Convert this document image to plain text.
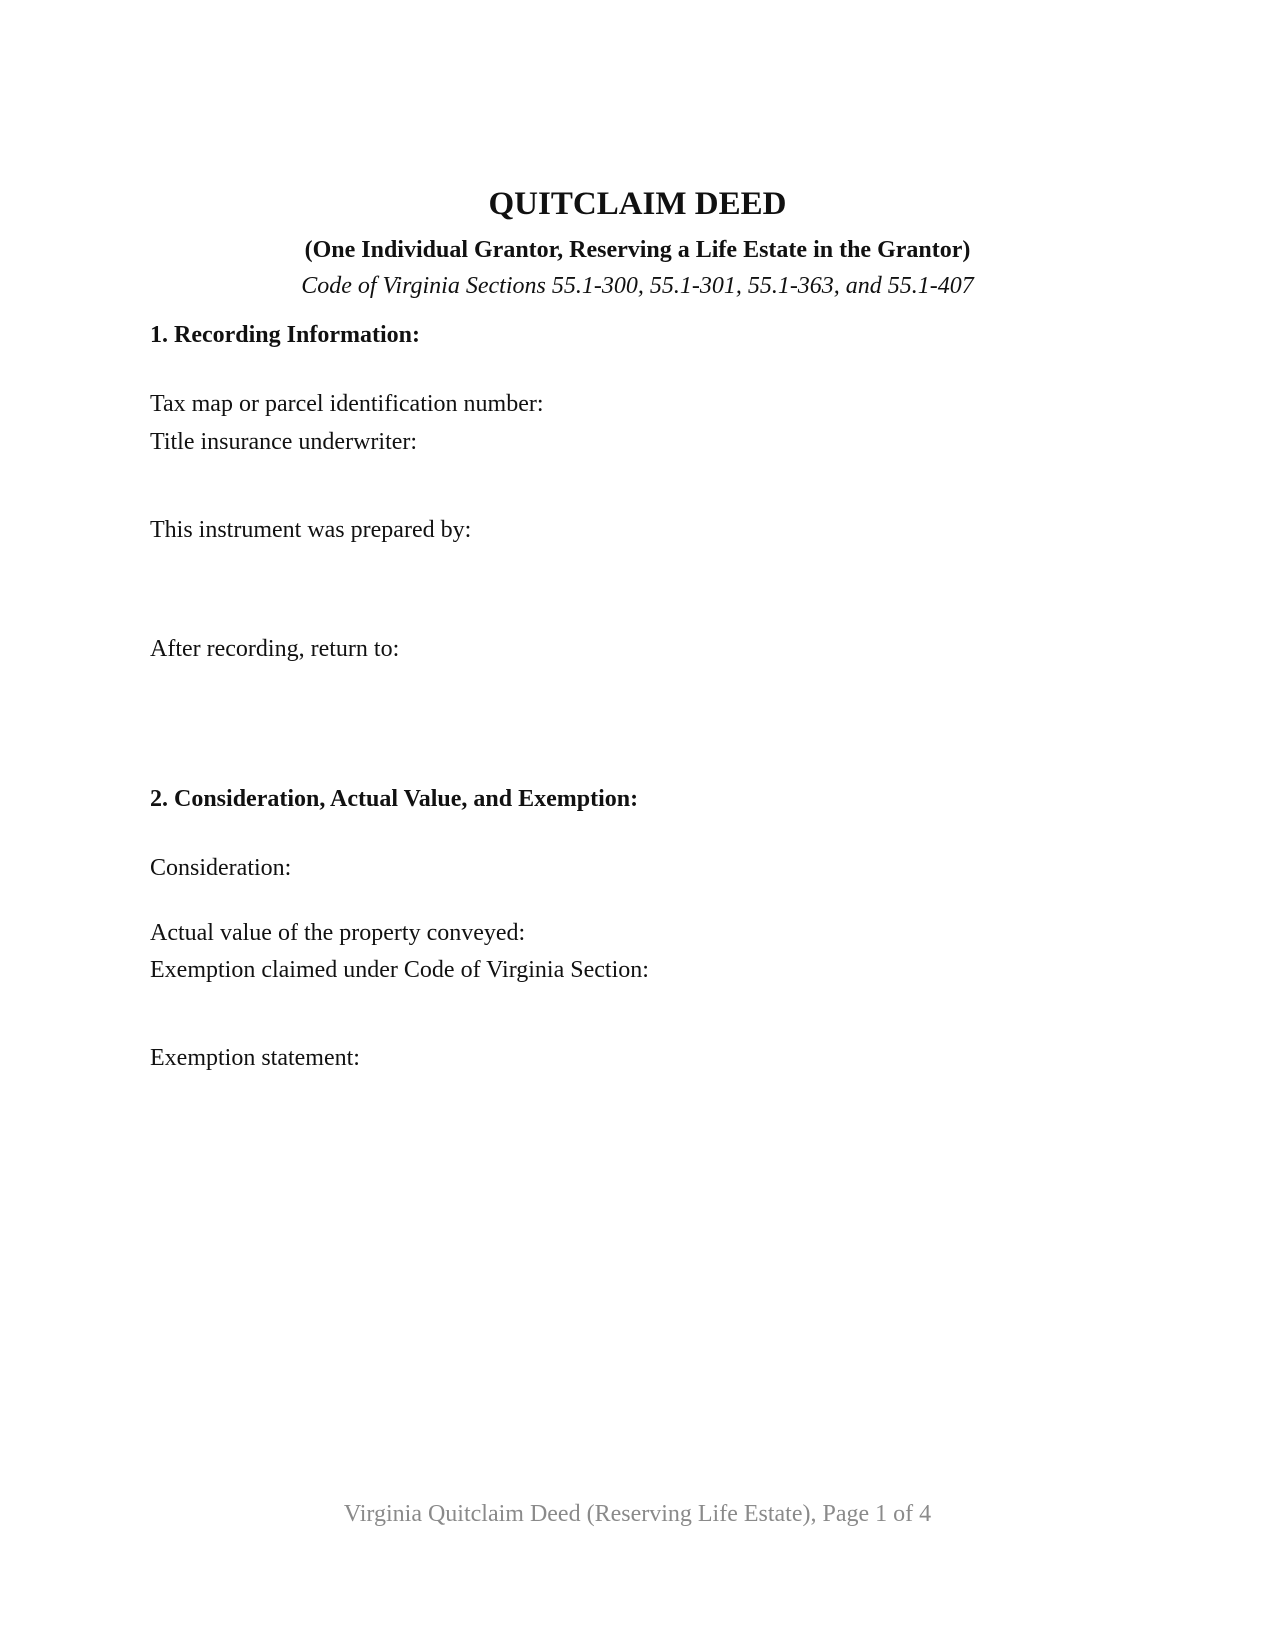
QUITCLAIM DEED
(One Individual Grantor, Reserving a Life Estate in the Grantor)
Code of Virginia Sections 55.1-300, 55.1-301, 55.1-363, and 55.1-407
1. Recording Information:
Tax map or parcel identification number:
Title insurance underwriter:
This instrument was prepared by:
After recording, return to:
2. Consideration, Actual Value, and Exemption:
Consideration:
Actual value of the property conveyed:
Exemption claimed under Code of Virginia Section:
Exemption statement:
Virginia Quitclaim Deed (Reserving Life Estate), Page 1 of 4
